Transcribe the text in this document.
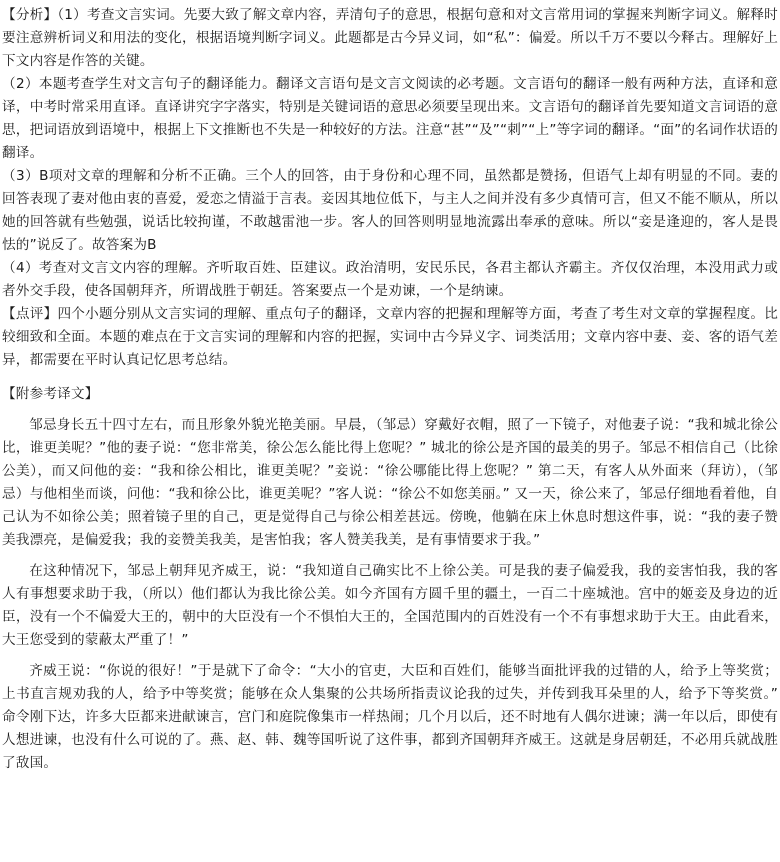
【分析】（1）考查文言实词。先要大致了解文章内容，弄清句子的意思，根据句意和对文言常用词的掌握来判断字词义。解释时要注意辨析词义和用法的变化，根据语境判断字词义。此题都是古今异义词，如“私”：偏爱。所以千万不要以今释古。理解好上下文内容是作答的关键。

（2）本题考查学生对文言句子的翻译能力。翻译文言语句是文言文阅读的必考题。文言语句的翻译一般有两种方法，直译和意译，中考时常采用直译。直译讲究字字落实，特别是关键词语的意思必须要呈现出来。文言语句的翻译首先要知道文言词语的意思，把词语放到语境中，根据上下文推断也不失是一种较好的方法。注意“甚”“及”“刺”“上”等字词的翻译。“面”的名词作状语的翻译。

（3）B项对文章的理解和分析不正确。三个人的回答，由于身份和心理不同，虽然都是赞扬，但语气上却有明显的不同。妻的回答表现了妻对他由衷的喜爱，爱恋之情溢于言表。妾因其地位低下，与主人之间并没有多少真情可言，但又不能不顺从，所以她的回答就有些勉强，说话比较拘谨，不敢越雷池一步。客人的回答则明显地流露出奉承的意味。所以“妾是逢迎的，客人是畏怯的”说反了。故答案为B

（4）考查对文言文内容的理解。齐听取百姓、臣建议。政治清明，安民乐民，各君主都认齐霸主。齐仅仅治理，本没用武力或者外交手段，使各国朝拜齐，所谓战胜于朝廷。答案要点一个是劝谏，一个是纳谏。

【点评】四个小题分别从文言实词的理解、重点句子的翻译，文章内容的把握和理解等方面，考查了考生对文章的掌握程度。比较细致和全面。本题的难点在于文言实词的理解和内容的把握，实词中古今异义字、词类活用；文章内容中妻、妾、客的语气差异，都需要在平时认真记忆思考总结。

【附参考译文】

邹忌身长五十四寸左右，而且形象外貌光艳美丽。早晨，（邹忌）穿戴好衣帽，照了一下镜子，对他妻子说：“我和城北徐公比，谁更美呢？”他的妻子说：“您非常美，徐公怎么能比得上您呢？” 城北的徐公是齐国的最美的男子。邹忌不相信自己（比徐公美），而又问他的妾：“我和徐公相比，谁更美呢？”妾说：“徐公哪能比得上您呢？” 第二天，有客人从外面来（拜访），（邹忌）与他相坐而谈，问他：“我和徐公比，谁更美呢？”客人说：“徐公不如您美丽。” 又一天，徐公来了，邹忌仔细地看着他，自己认为不如徐公美；照着镜子里的自己，更是觉得自己与徐公相差甚远。傍晚，他躺在床上休息时想这件事，说：“我的妻子赞美我漂亮，是偏爱我；我的妾赞美我美，是害怕我；客人赞美我美，是有事情要求于我。”

在这种情况下，邹忌上朝拜见齐威王，说：“我知道自己确实比不上徐公美。可是我的妻子偏爱我，我的妾害怕我，我的客人有事想要求助于我，（所以）他们都认为我比徐公美。如今齐国有方圆千里的疆土，一百二十座城池。宫中的姬妾及身边的近臣，没有一个不偏爱大王的，朝中的大臣没有一个不惧怕大王的，全国范围内的百姓没有一个不有事想求助于大王。由此看来，大王您受到的蒙蔽太严重了！”

齐威王说：“你说的很好！”于是就下了命令：“大小的官吏，大臣和百姓们，能够当面批评我的过错的人，给予上等奖赏；上书直言规劝我的人，给予中等奖赏；能够在众人集聚的公共场所指责议论我的过失，并传到我耳朵里的人，给予下等奖赏。” 命令刚下达，许多大臣都来进献谏言，宫门和庭院像集市一样热闹；几个月以后，还不时地有人偶尔进谏；满一年以后，即使有人想进谏，也没有什么可说的了。燕、赵、韩、魏等国听说了这件事，都到齐国朝拜齐威王。这就是身居朝廷，不必用兵就战胜了敌国。
